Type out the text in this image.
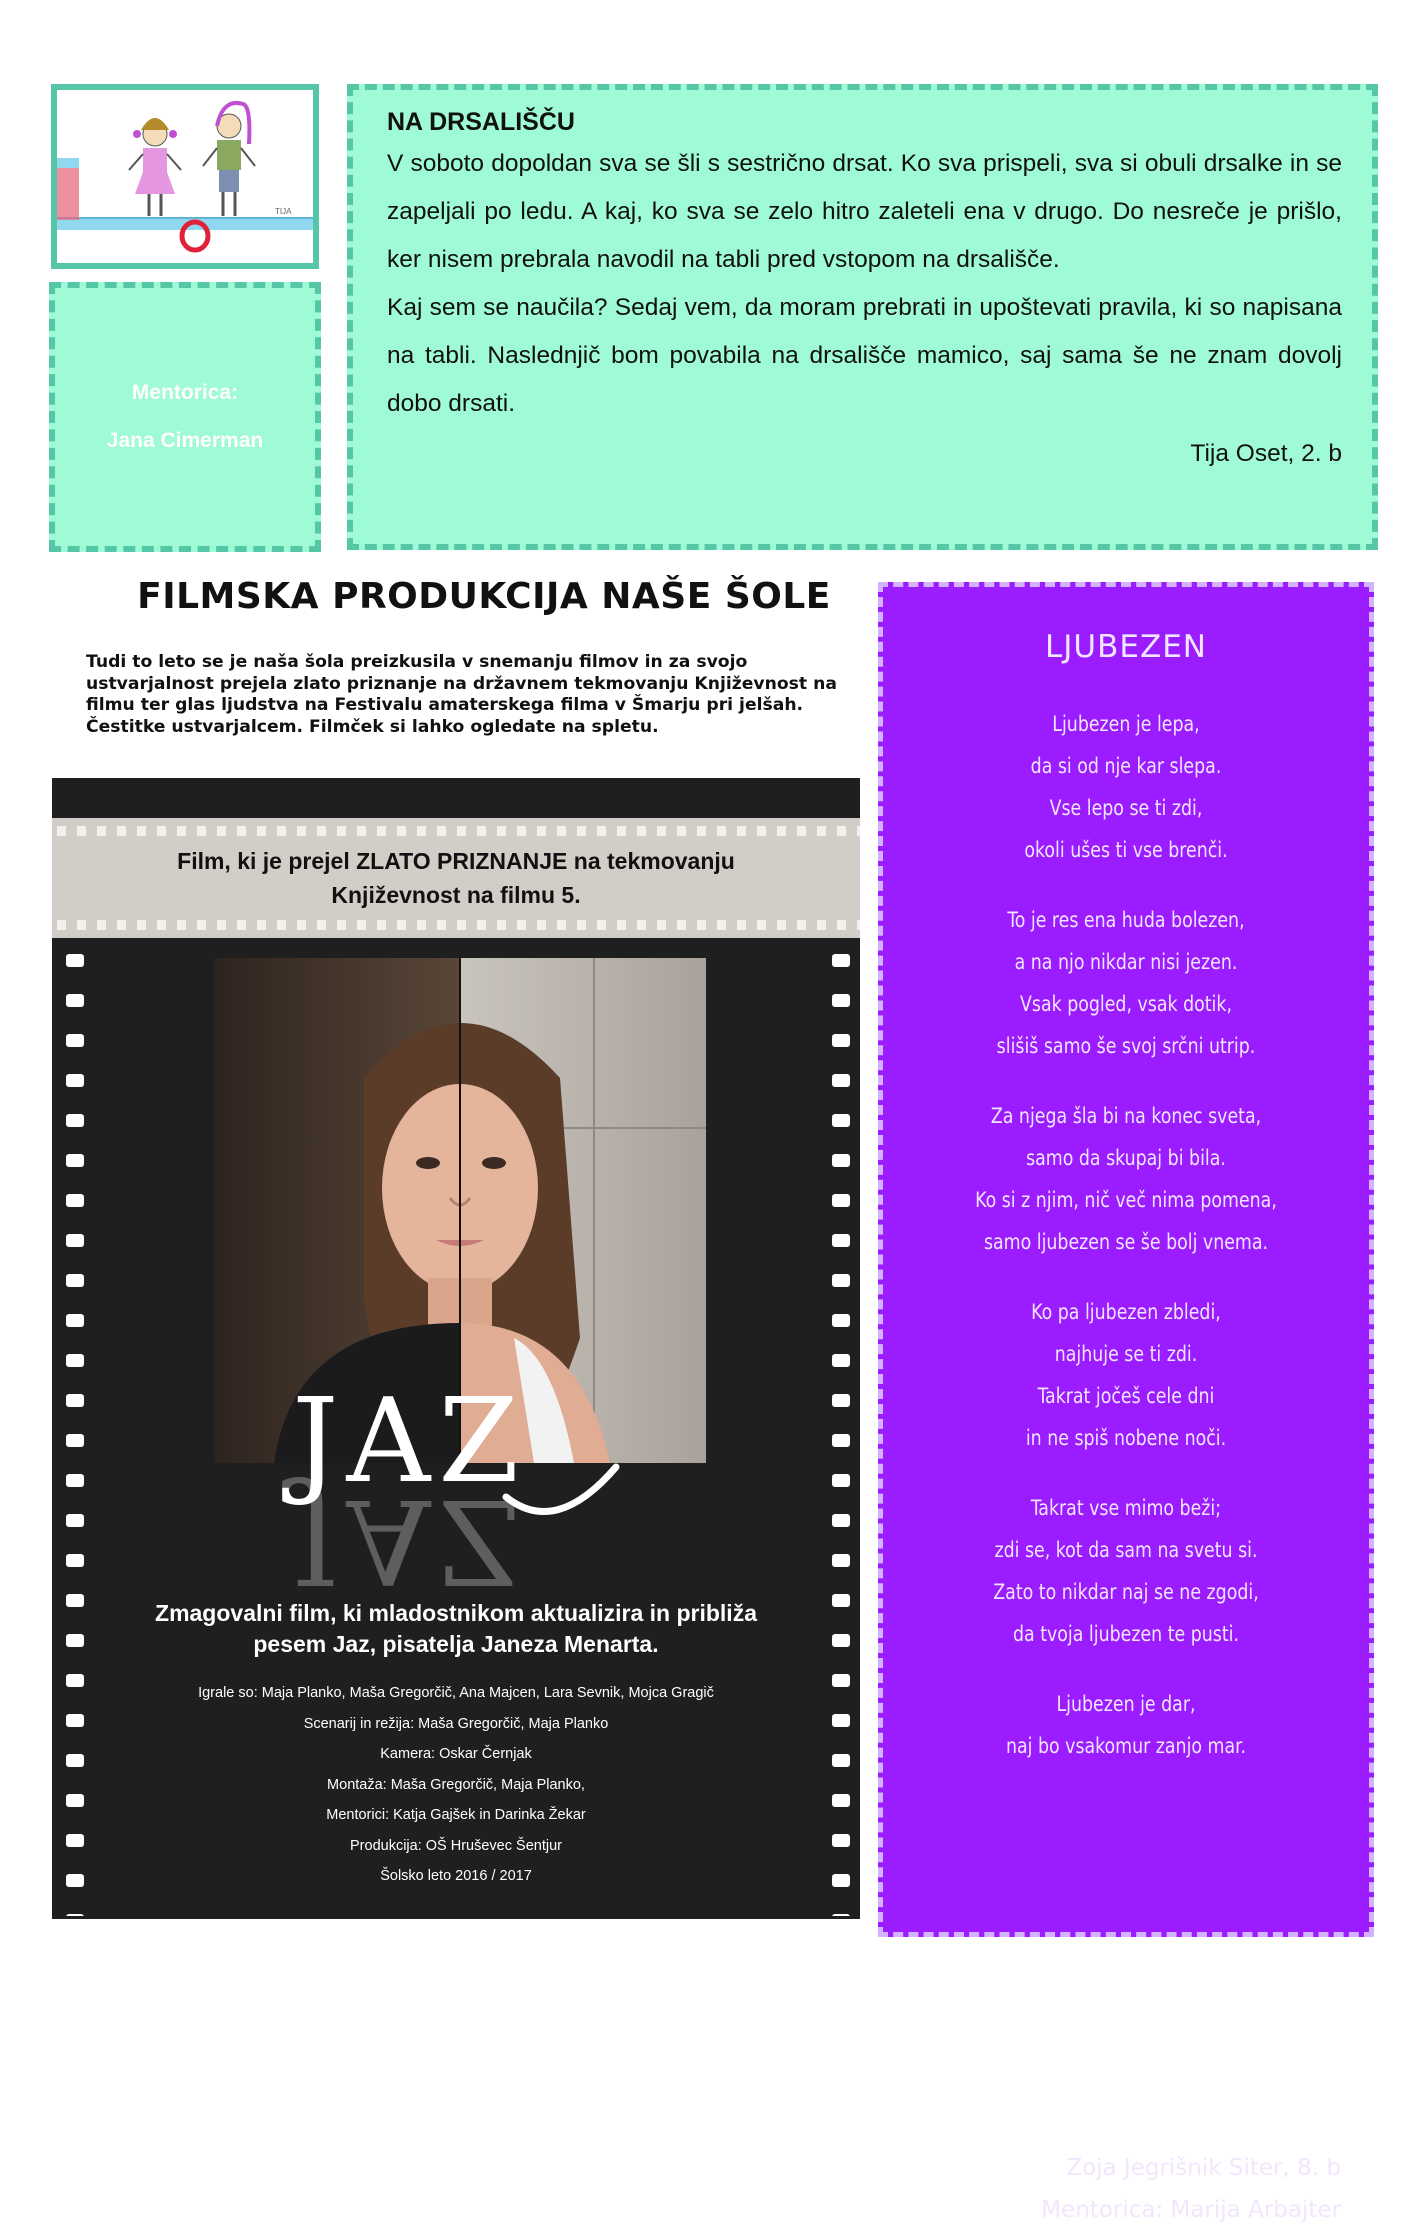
TIJA
Mentorica:
Jana Cimerman

NA DRSALIŠČU

V soboto dopoldan sva se šli s sestrično drsat. Ko sva prispeli, sva si obuli drsalke in se zapeljali po ledu. A kaj, ko sva se zelo hitro zaleteli ena v drugo. Do nesreče je prišlo, ker nisem prebrala navodil na tabli pred vstopom na drsališče.

Kaj sem se naučila? Sedaj vem, da moram prebrati in upoštevati pravila, ki so napisana na tabli. Naslednjič bom povabila na drsališče mamico, saj sama še ne znam dovolj dobo drsati.

Tija Oset, 2. b
FILMSKA PRODUKCIJA NAŠE ŠOLE

Tudi to leto se je naša šola preizkusila v snemanju filmov in za svojo ustvarjalnost prejela zlato priznanje na državnem tekmovanju Književnost na filmu ter glas ljudstva na Festivalu amaterskega filma v Šmarju pri jelšah. Čestitke ustvarjalcem. Filmček si lahko ogledate na spletu.

Film, ki je prejel ZLATO PRIZNANJE na tekmovanju
Književnost na filmu 5.
JAZ
JAZ
Zmagovalni film, ki mladostnikom aktualizira in približa
pesem Jaz, pisatelja Janeza Menarta.
Igrale so: Maja Planko, Maša Gregorčič, Ana Majcen, Lara Sevnik, Mojca Gragič
Scenarij in režija: Maša Gregorčič, Maja Planko
Kamera: Oskar Černjak
Montaža: Maša Gregorčič, Maja Planko,
Mentorici: Katja Gajšek in Darinka Žekar
Produkcija: OŠ Hruševec Šentjur
Šolsko leto 2016 / 2017
LJUBEZEN
Ljubezen je lepa,
da si od nje kar slepa.
Vse lepo se ti zdi,
okoli ušes ti vse brenči.
To je res ena huda bolezen,
a na njo nikdar nisi jezen.
Vsak pogled, vsak dotik,
slišiš samo še svoj srčni utrip.
Za njega šla bi na konec sveta,
samo da skupaj bi bila.
Ko si z njim, nič več nima pomena,
samo ljubezen se še bolj vnema.
Ko pa ljubezen zbledi,
najhuje se ti zdi.
Takrat jočeš cele dni
in ne spiš nobene noči.
Takrat vse mimo beži;
zdi se, kot da sam na svetu si.
Zato to nikdar naj se ne zgodi,
da tvoja ljubezen te pusti.
Ljubezen je dar,
naj bo vsakomur zanjo mar.
Zoja Jegrišnik Siter, 8. b
Mentorica: Marija Arbajter
